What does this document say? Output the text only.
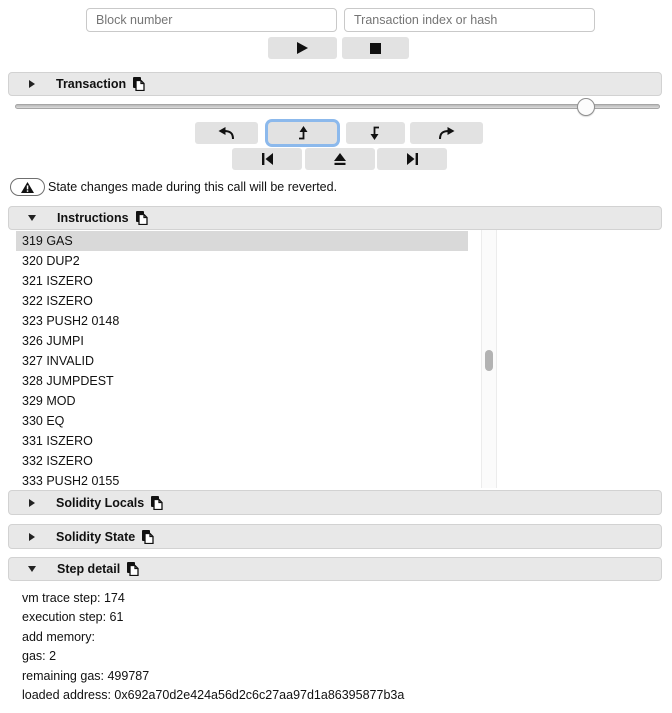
Block number
Transaction index or hash
Transaction
State changes made during this call will be reverted.
Instructions
319 GAS
320 DUP2
321 ISZERO
322 ISZERO
323 PUSH2 0148
326 JUMPI
327 INVALID
328 JUMPDEST
329 MOD
330 EQ
331 ISZERO
332 ISZERO
333 PUSH2 0155
Solidity Locals
Solidity State
Step detail
vm trace step: 174
execution step: 61
add memory:
gas: 2
remaining gas: 499787
loaded address: 0x692a70d2e424a56d2c6c27aa97d1a86395877b3a
